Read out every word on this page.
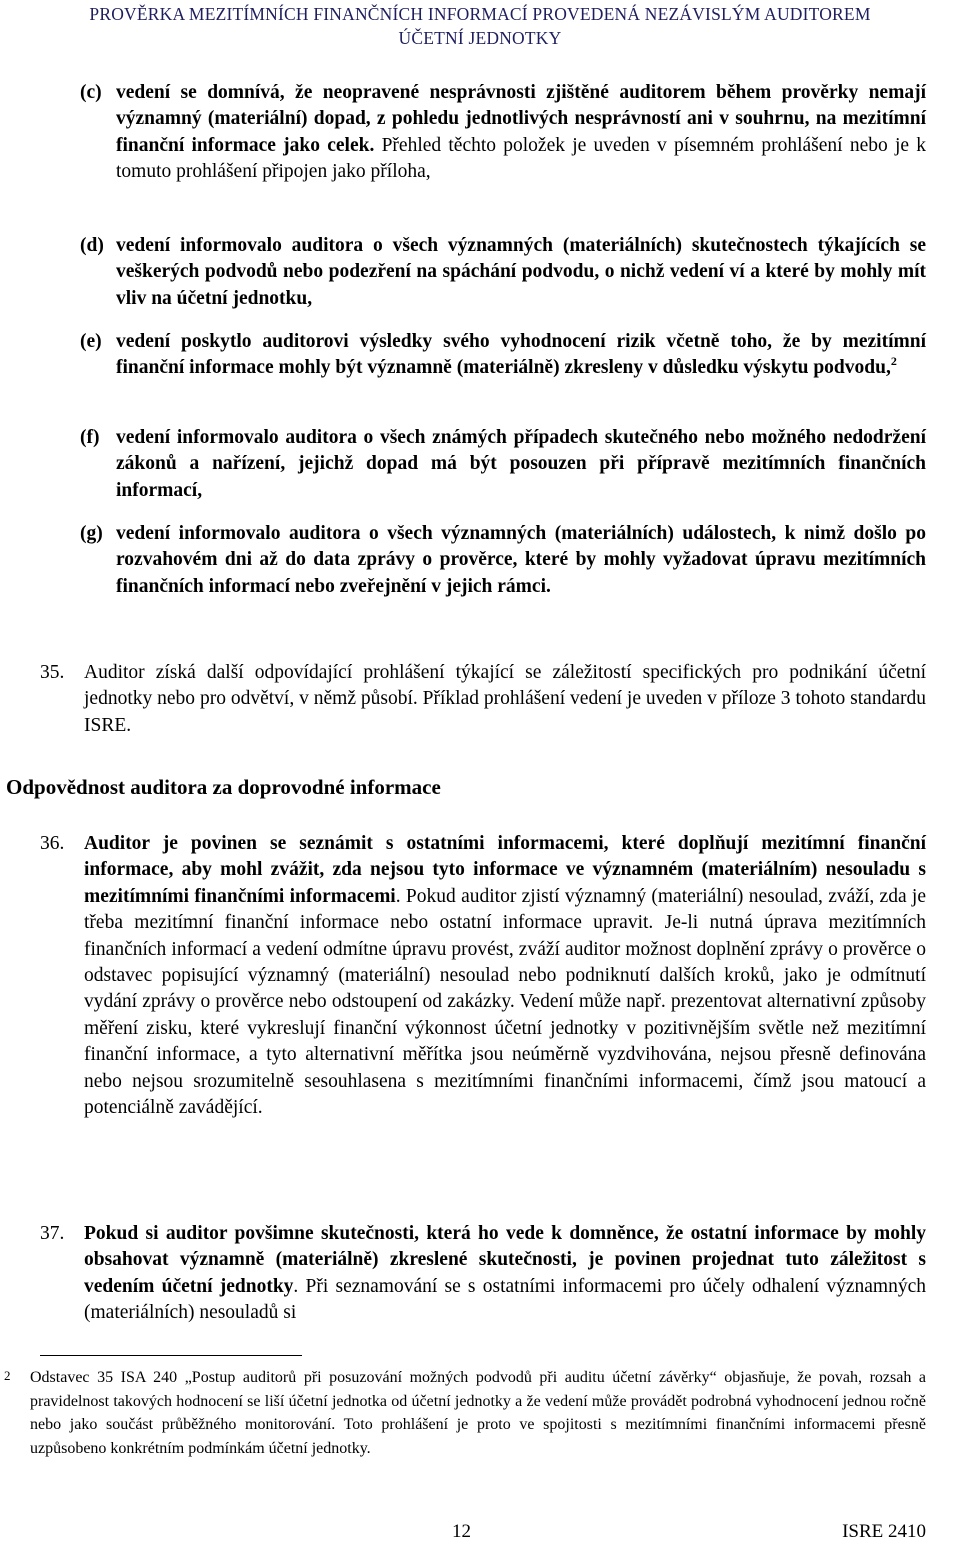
PROVĚRKA MEZITÍMNÍCH FINANČNÍCH INFORMACÍ PROVEDENÁ NEZÁVISLÝM AUDITOREM
ÚČETNÍ JEDNOTKY
(c) vedení se domnívá, že neopravené nesprávnosti zjištěné auditorem během prověrky nemají významný (materiální) dopad, z pohledu jednotlivých nesprávností ani v souhrnu, na mezitímní finanční informace jako celek. Přehled těchto položek je uveden v písemném prohlášení nebo je k tomuto prohlášení připojen jako příloha,
(d) vedení informovalo auditora o všech významných (materiálních) skutečnostech týkajících se veškerých podvodů nebo podezření na spáchání podvodu, o nichž vedení ví a které by mohly mít vliv na účetní jednotku,
(e) vedení poskytlo auditorovi výsledky svého vyhodnocení rizik včetně toho, že by mezitímní finanční informace mohly být významně (materiálně) zkresleny v důsledku výskytu podvodu,$^2$
(f) vedení informovalo auditora o všech známých případech skutečného nebo možného nedodržení zákonů a nařízení, jejichž dopad má být posouzen při přípravě mezitímních finančních informací,
(g) vedení informovalo auditora o všech významných (materiálních) událostech, k nimž došlo po rozvahovém dni až do data zprávy o prověrce, které by mohly vyžadovat úpravu mezitímních finančních informací nebo zveřejnění v jejich rámci.
35.	Auditor získá další odpovídající prohlášení týkající se záležitostí specifických pro podnikání účetní jednotky nebo pro odvětví, v němž působí. Příklad prohlášení vedení je uveden v příloze 3 tohoto standardu ISRE.
Odpovědnost auditora za doprovodné informace
36.	Auditor je povinen se seznámit s ostatními informacemi, které doplňují mezitímní finanční informace, aby mohl zvážit, zda nejsou tyto informace ve významném (materiálním) nesouladu s mezitímními finančními informacemi. Pokud auditor zjistí významný (materiální) nesoulad, zváží, zda je třeba mezitímní finanční informace nebo ostatní informace upravit. Je-li nutná úprava mezitímních finančních informací a vedení odmítne úpravu provést, zváží auditor možnost doplnění zprávy o prověrce o odstavec popisující významný (materiální) nesoulad nebo podniknutí dalších kroků, jako je odmítnutí vydání zprávy o prověrce nebo odstoupení od zakázky. Vedení může např. prezentovat alternativní způsoby měření zisku, které vykreslují finanční výkonnost účetní jednotky v pozitivnějším světle než mezitímní finanční informace, a tyto alternativní měřítka jsou neúměrně vyzdvihována, nejsou přesně definována nebo nejsou srozumitelně sesouhlasena s mezitímními finančními informacemi, čímž jsou matoucí a potenciálně zavádějící.
37.	Pokud si auditor povšimne skutečnosti, která ho vede k domněnce, že ostatní informace by mohly obsahovat významně (materiálně) zkreslené skutečnosti, je povinen projednat tuto záležitost s vedením účetní jednotky. Při seznamování se s ostatními informacemi pro účely odhalení významných (materiálních) nesouladů si
2 Odstavec 35 ISA 240 „Postup auditorů při posuzování možných podvodů při auditu účetní závěrky“ objasňuje, že povah, rozsah a pravidelnost takových hodnocení se liší účetní jednotka od účetní jednotky a že vedení může provádět podrobná vyhodnocení jednou ročně nebo jako součást průběžného monitorování. Toto prohlášení je proto ve spojitosti s mezitímními finančními informacemi přesně uzpůsobeno konkrétním podmínkám účetní jednotky.
12	ISRE 2410
